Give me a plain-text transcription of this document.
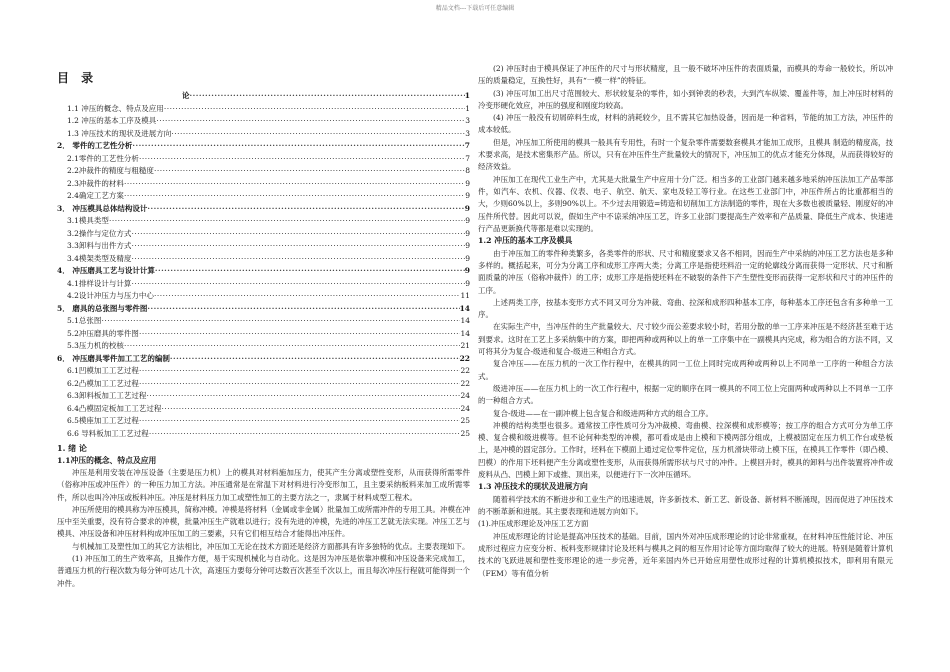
精品文档---下载后可任意编辑
目 录
论 ·····	1
1.1 冲压的概念、特点及应用 ·····	1
1.2 冲压的基本工序及模具 ·····	3
1.3 冲压技术的现状及进展方向 ·····	3
2． 零件的工艺性分析 ·····	7
2.1零件的工艺性分析 ·····	7
2.2冲裁件的精度与粗糙度 ·····	8
2.3冲裁件的材料 ·····	9
2.4确定工艺方案 ·····	9
3． 冲压模具总体结构设计 ·····	9
3.1模具类型 ·····	9
3.2操作与定位方式 ·····	9
3.3卸料与出件方式 ·····	9
3.4模架类型及精度 ·····	9
4． 冲压磨具工艺与设计计算 ·····	9
4.1排样设计与计算 ·····	9
4.2设计冲压力与压力中心 ·····	11
5． 磨具的总张图与零件图 ·····	14
5.1总张图 ·····	14
5.2冲压磨具的零件图 ·····	14
5.3压力机的校核 ·····	21
6． 冲压磨具零件加工工艺的编制 ·····	22
6.1凹模加工工艺过程 ·····	22
6.2凸模加工工艺过程 ·····	22
6.3卸料板加工工艺过程 ·····	24
6.4凸模固定板加工工艺过程 ·····	24
6.5模座加工工艺过程 ·····	25
6.6 导料板加工工艺过程 ·····	25

1. 绪 论

1.1冲压的概念、特点及应用

冲压是利用安装在冲压设备（主要是压力机）上的模具对材料施加压力，使其产生分离或塑性变形，从而获得所需零件（俗称冲压或冲压件）的一种压力加工方法。冲压通常是在常温下对材料进行冷变形加工，且主要采纳板料来加工成所需零件，所以也叫冷冲压或板料冲压。冲压是材料压力加工或塑性加工的主要方法之一，隶属于材料成型工程术。

冲压所使用的模具称为冲压模具，简称冲模。冲模是将材料（金属或非金属）批量加工成所需冲件的专用工具。冲模在冲压中至关重要，没有符合要求的冲模，批量冲压生产就难以进行；没有先进的冲模，先进的冲压工艺就无法实现。冲压工艺与模具、冲压设备和冲压材料构成冲压加工的三要素，只有它们相互结合才能得出冲压件。

与机械加工及塑性加工的其它方法相比，冲压加工无论在技术方面还是经济方面都具有许多独特的优点。主要表现如下。

(1) 冲压加工的生产效率高，且操作方便，易于实现机械化与自动化。这是因为冲压是依靠冲模和冲压设备来完成加工，普通压力机的行程次数为每分钟可达几十次，高速压力要每分钟可达数百次甚至千次以上，而且每次冲压行程就可能得到一个冲件。

(2) 冲压时由于模具保证了冲压件的尺寸与形状精度，且一般不破坏冲压件的表面质量，而模具的寿命一般较长，所以冲压的质量稳定，互换性好，具有“一模一样”的特征。

(3) 冲压可加工出尺寸范围较大、形状较复杂的零件，如小到钟表的秒表，大到汽车纵梁、覆盖件等，加上冲压时材料的冷变形硬化效应，冲压的强度和刚度均较高。

(4) 冲压一般没有切屑碎料生成，材料的消耗较少，且不需其它加热设备，因而是一种省料，节能的加工方法，冲压件的成本较低。

但是，冲压加工所使用的模具一般具有专用性，有时一个复杂零件需要数套模具才能加工成形，且模具 制造的精度高，技术要求高，是技术密集形产品。所以，只有在冲压件生产批量较大的情况下，冲压加工的优点才能充分体现，从而获得较好的经济效益。

冲压加工在现代工业生产中，尤其是大批量生产中应用十分广泛。相当多的工业部门越来越多地采纳冲压法加工产品零部件，如汽车、农机、仪器、仪表、电子、航空、航天、家电及轻工等行业。在这些工业部门中，冲压件所占的比重都相当的大，少则60%以上，多则90%以上。不少过去用锻造=铸造和切削加工方法制造的零件，现在大多数也被质量轻、刚度好的冲压件所代替。因此可以说，假如生产中不谅采纳冲压工艺，许多工业部门要提高生产效率和产品质量、降低生产成本、快速进行产品更新换代等都是难以实现的。

1.2 冲压的基本工序及模具

由于冲压加工的零件种类繁多，各类零件的形状、尺寸和精度要求又各不相同，因而生产中采纳的冲压工艺方法也是多种多样的。概括起来，可分为分离工序和成形工序两大类；分离工序是指使坯料沿一定的轮廓线分离而获得一定形状、尺寸和断面质量的冲压（俗称冲裁件）的工序；成形工序是指使坯料在不破裂的条件下产生塑性变形而获得一定形状和尺寸的冲压件的工序。

上述两类工序，按基本变形方式不同又可分为冲裁、弯曲、拉深和成形四种基本工序，每种基本工序还包含有多种单一工序。

在实际生产中，当冲压件的生产批量较大、尺寸较少而公差要求较小时，若用分散的单一工序来冲压是不经济甚至难于达到要求。这时在工艺上多采纳集中的方案，即把两种或两种以上的单一工序集中在一副模具内完成，称为组合的方法不同，又可将其分为复合-级进和复合-级进三种组合方式。

复合冲压——在压力机的一次工作行程中，在模具的同一工位上同时完成两种或两种以上不同单一工序的一种组合方法式。

级进冲压——在压力机上的一次工作行程中，根据一定的顺序在同一模具的不同工位上完面两种或两种以上不同单一工序的一种组合方式。

复合-级进——在一副冲模上包含复合和级进两种方式的组合工序。

冲模的结构类型也很多。通常按工序性质可分为冲裁模、弯曲模、拉深模和成形模等；按工序的组合方式可分为单工序模、复合模和级进模等。但不论何种类型的冲模，都可看成是由上模和下模两部分组成，上模被固定在压力机工作台或垫板上，是冲模的固定部分。工作时，坯料在下模面上通过定位零件定位，压力机滑块带动上模下压，在模具工作零件（即凸模、凹模）的作用下坯料便产生分离或塑性变形，从而获得所需形状与尺寸的冲件。上模回升时，模具的卸料与出件装置将冲件或废料从凸、凹模上卸下或推、顶出来，以便进行下一次冲压循环。

1.3 冲压技术的现状及进展方向

随着科学技术的不断进步和工业生产的迅速进展，许多新技术、新工艺、新设备、新材料不断涌现，因而促进了冲压技术的不断革新和进展。其主要表现和进展方向如下。

(1).冲压成形理论及冲压工艺方面

冲压成形理论的讨论是提高冲压技术的基础。目前，国内外对冲压成形理论的讨论非常重视，在材料冲压性能讨论、冲压成形过程应力应变分析、板料变形规律讨论及坯料与模具之间的相互作用讨论等方面均取得了较大的进展。特别是随着计算机技术的飞跃进展和塑性变形理论的进一步完善，近年来国内外已开始应用塑性成形过程的计算机模拟技术，即利用有限元（FEM）等有值分析
